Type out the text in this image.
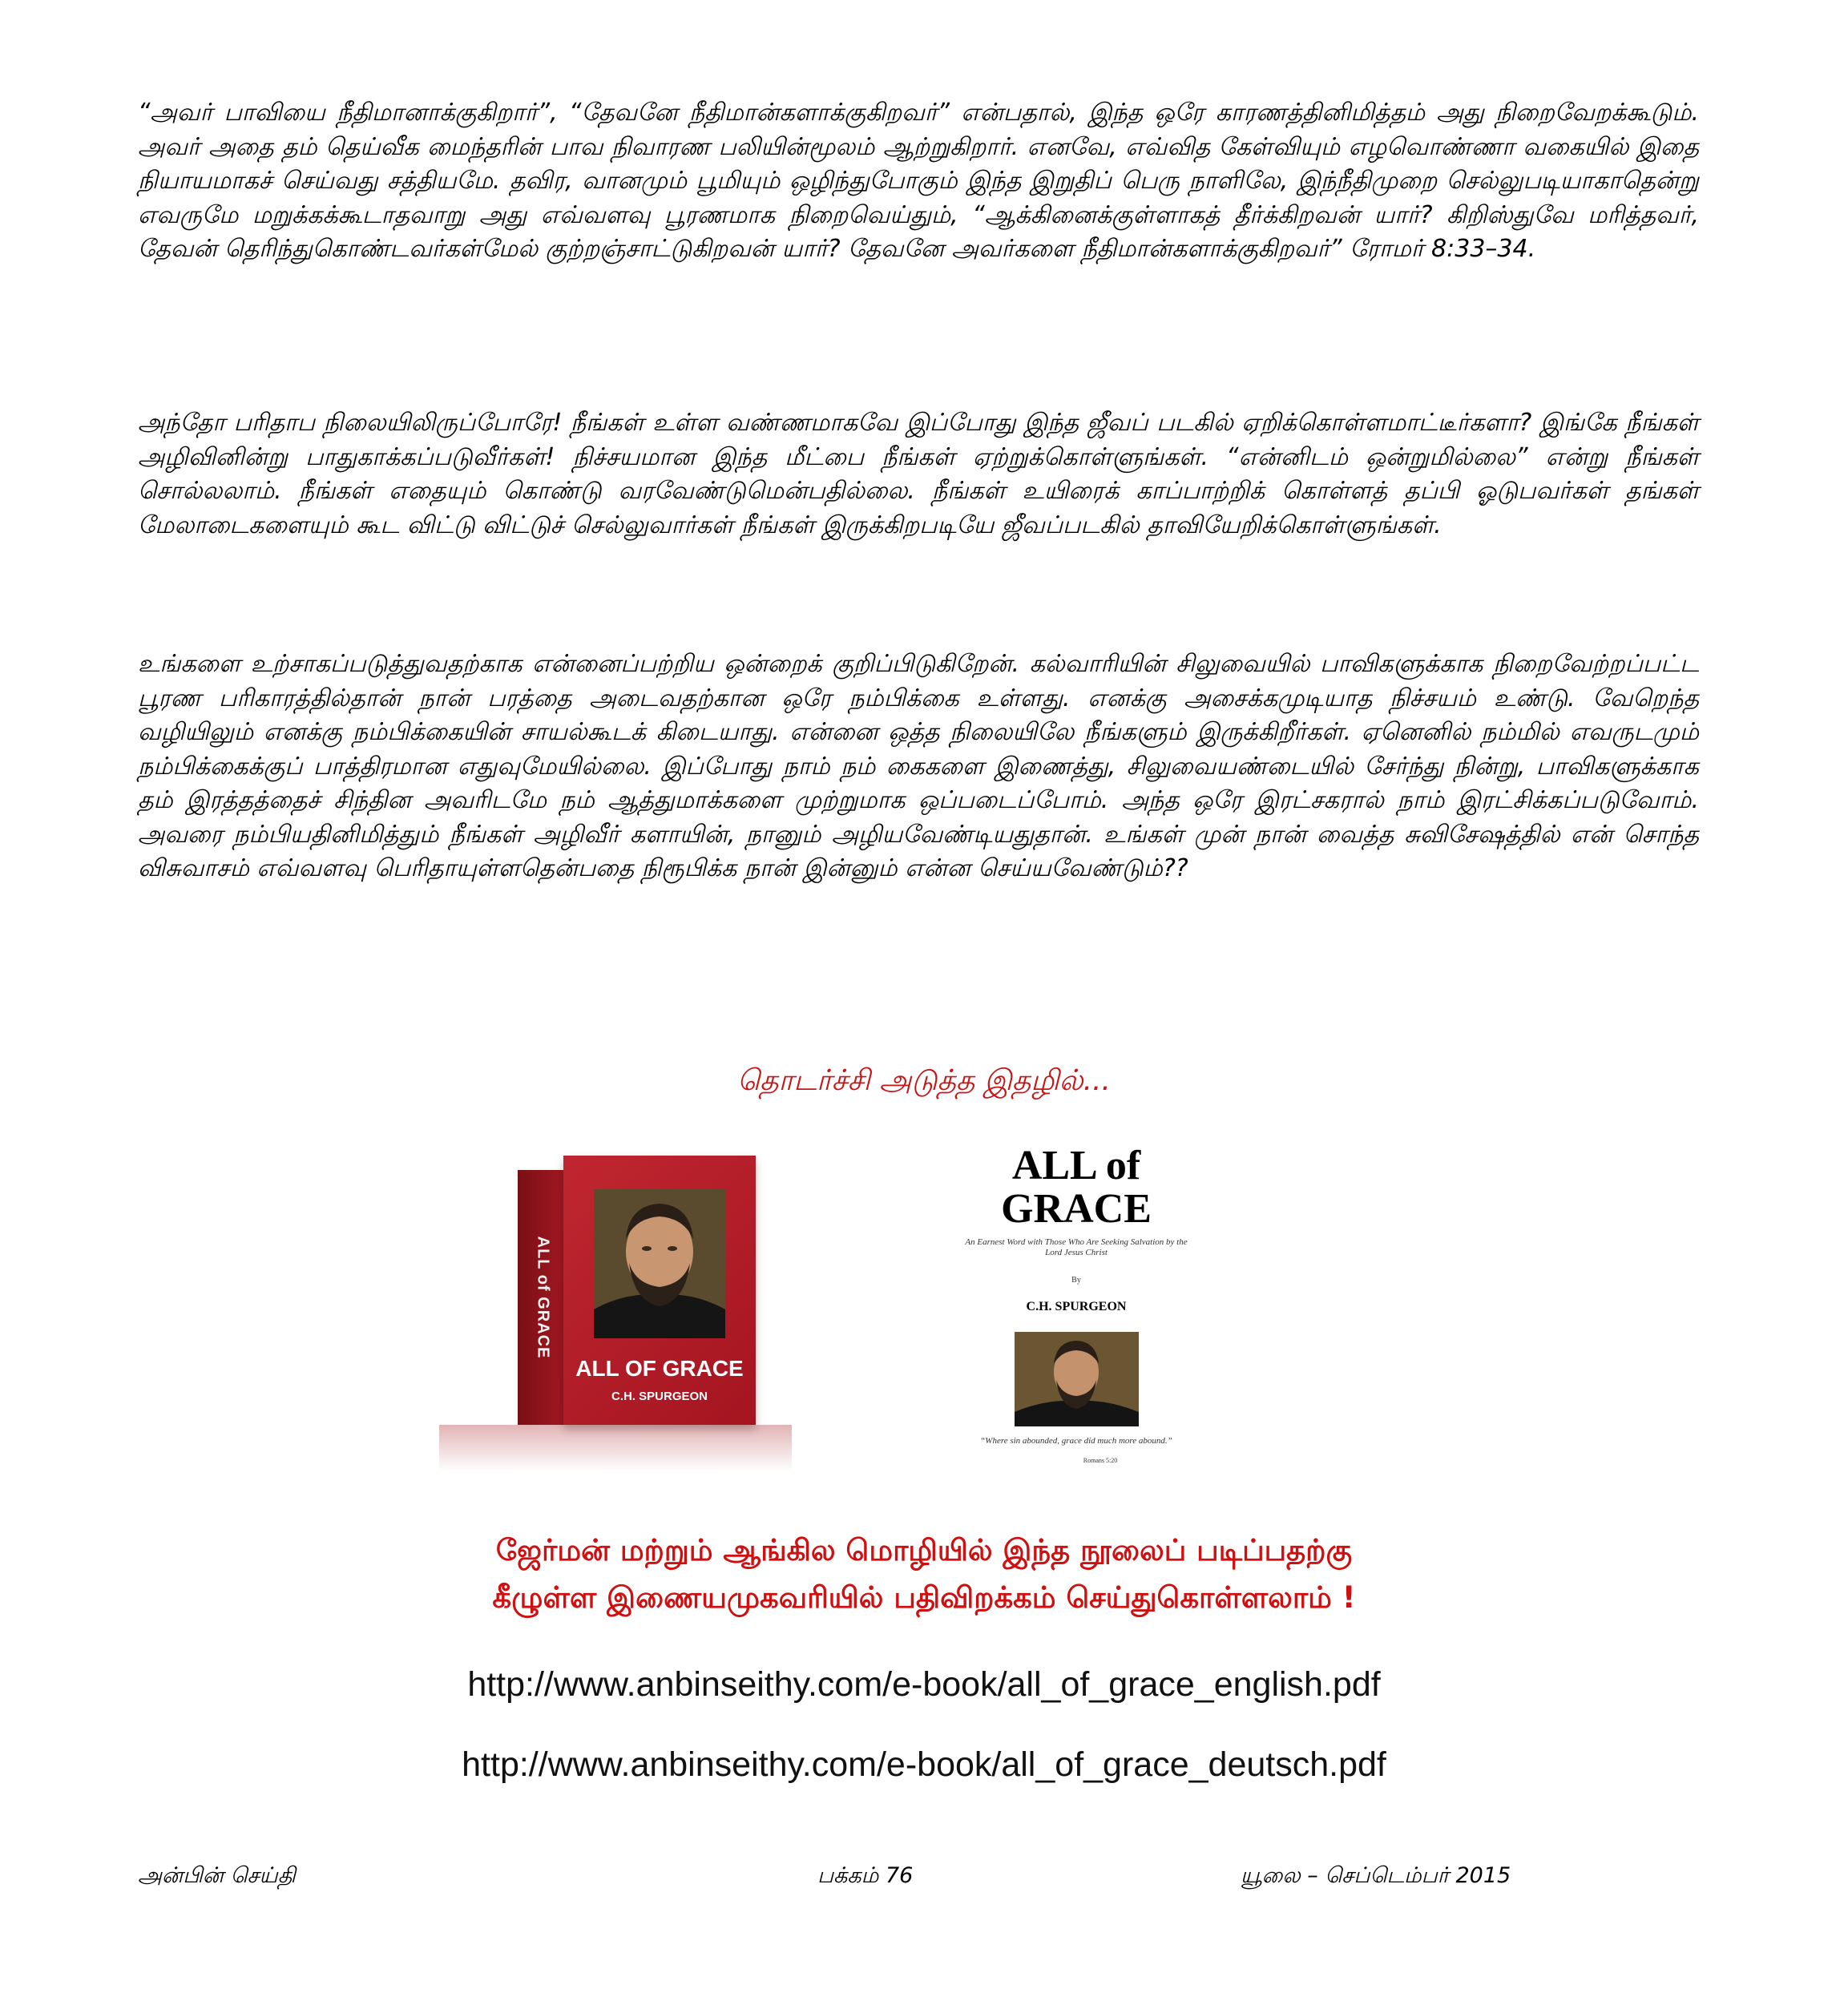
“அவர் பாவியை நீதிமானாக்குகிறார்”, “தேவனே நீதிமான்களாக்குகிறவர்” என்பதால், இந்த ஒரே காரணத்தினிமித்தம் அது நிறைவேறக்கூடும். அவர் அதை தம் தெய்வீக மைந்தரின் பாவ நிவாரண பலியின்மூலம் ஆற்றுகிறார். எனவே, எவ்வித கேள்வியும் எழவொண்ணா வகையில் இதை நியாயமாகச் செய்வது சத்தியமே. தவிர, வானமும் பூமியும் ஒழிந்துபோகும் இந்த இறுதிப் பெரு நாளிலே, இந்நீதிமுறை செல்லுபடியாகாதென்று எவருமே மறுக்கக்கூடாதவாறு அது எவ்வளவு பூரணமாக நிறைவெய்தும், “ஆக்கினைக்குள்ளாகத் தீர்க்கிறவன் யார்? கிறிஸ்துவே மரித்தவர், தேவன் தெரிந்துகொண்டவர்கள்மேல் குற்றஞ்சாட்டுகிறவன் யார்? தேவனே அவர்களை நீதிமான்களாக்குகிறவர்” ரோமர் 8:33–34.

அந்தோ பரிதாப நிலையிலிருப்போரே! நீங்கள் உள்ள வண்ணமாகவே இப்போது இந்த ஜீவப் படகில் ஏறிக்கொள்ளமாட்டீர்களா? இங்கே நீங்கள் அழிவினின்று பாதுகாக்கப்படுவீர்கள்! நிச்சயமான இந்த மீட்பை நீங்கள் ஏற்றுக்கொள்ளுங்கள். “என்னிடம் ஒன்றுமில்லை” என்று நீங்கள் சொல்லலாம். நீங்கள் எதையும் கொண்டு வரவேண்டுமென்பதில்லை. நீங்கள் உயிரைக் காப்பாற்றிக் கொள்ளத் தப்பி ஓடுபவர்கள் தங்கள் மேலாடைகளையும் கூட விட்டு விட்டுச் செல்லுவார்கள் நீங்கள் இருக்கிறபடியே ஜீவப்படகில் தாவியேறிக்கொள்ளுங்கள்.

உங்களை உற்சாகப்படுத்துவதற்காக என்னைப்பற்றிய ஒன்றைக் குறிப்பிடுகிறேன். கல்வாரியின் சிலுவையில் பாவிகளுக்காக நிறைவேற்றப்பட்ட பூரண பரிகாரத்தில்தான் நான் பரத்தை அடைவதற்கான ஒரே நம்பிக்கை உள்ளது. எனக்கு அசைக்கமுடியாத நிச்சயம் உண்டு. வேறெந்த வழியிலும் எனக்கு நம்பிக்கையின் சாயல்கூடக் கிடையாது. என்னை ஒத்த நிலையிலே நீங்களும் இருக்கிறீர்கள். ஏனெனில் நம்மில் எவருடமும் நம்பிக்கைக்குப் பாத்திரமான எதுவுமேயில்லை. இப்போது நாம் நம் கைகளை இணைத்து, சிலுவையண்டையில் சேர்ந்து நின்று, பாவிகளுக்காக தம் இரத்தத்தைச் சிந்தின அவரிடமே நம் ஆத்துமாக்களை முற்றுமாக ஒப்படைப்போம். அந்த ஒரே இரட்சகரால் நாம் இரட்சிக்கப்படுவோம். அவரை நம்பியதினிமித்தும் நீங்கள் அழிவீர் களாயின், நானும் அழியவேண்டியதுதான். உங்கள் முன் நான் வைத்த சுவிசேஷத்தில் என் சொந்த விசுவாசம் எவ்வளவு பெரிதாயுள்ளதென்பதை நிரூபிக்க நான் இன்னும் என்ன செய்யவேண்டும்??

தொடர்ச்சி அடுத்த இதழில்...
ALL of GRACE
ALL OF GRACE
C.H. SPURGEON
ALL of
GRACE
An Earnest Word with Those Who Are Seeking Salvation by the Lord Jesus Christ
By
C.H. SPURGEON
“Where sin abounded, grace did much more abound.”
Romans 5:20
ஜேர்மன் மற்றும் ஆங்கில மொழியில் இந்த நூலைப் படிப்பதற்கு
கீழுள்ள இணையமுகவரியில் பதிவிறக்கம் செய்துகொள்ளலாம் !
http://www.anbinseithy.com/e-book/all_of_grace_english.pdf
http://www.anbinseithy.com/e-book/all_of_grace_deutsch.pdf
அன்பின் செய்தி	பக்கம் 76	யூலை – செப்டெம்பர் 2015
